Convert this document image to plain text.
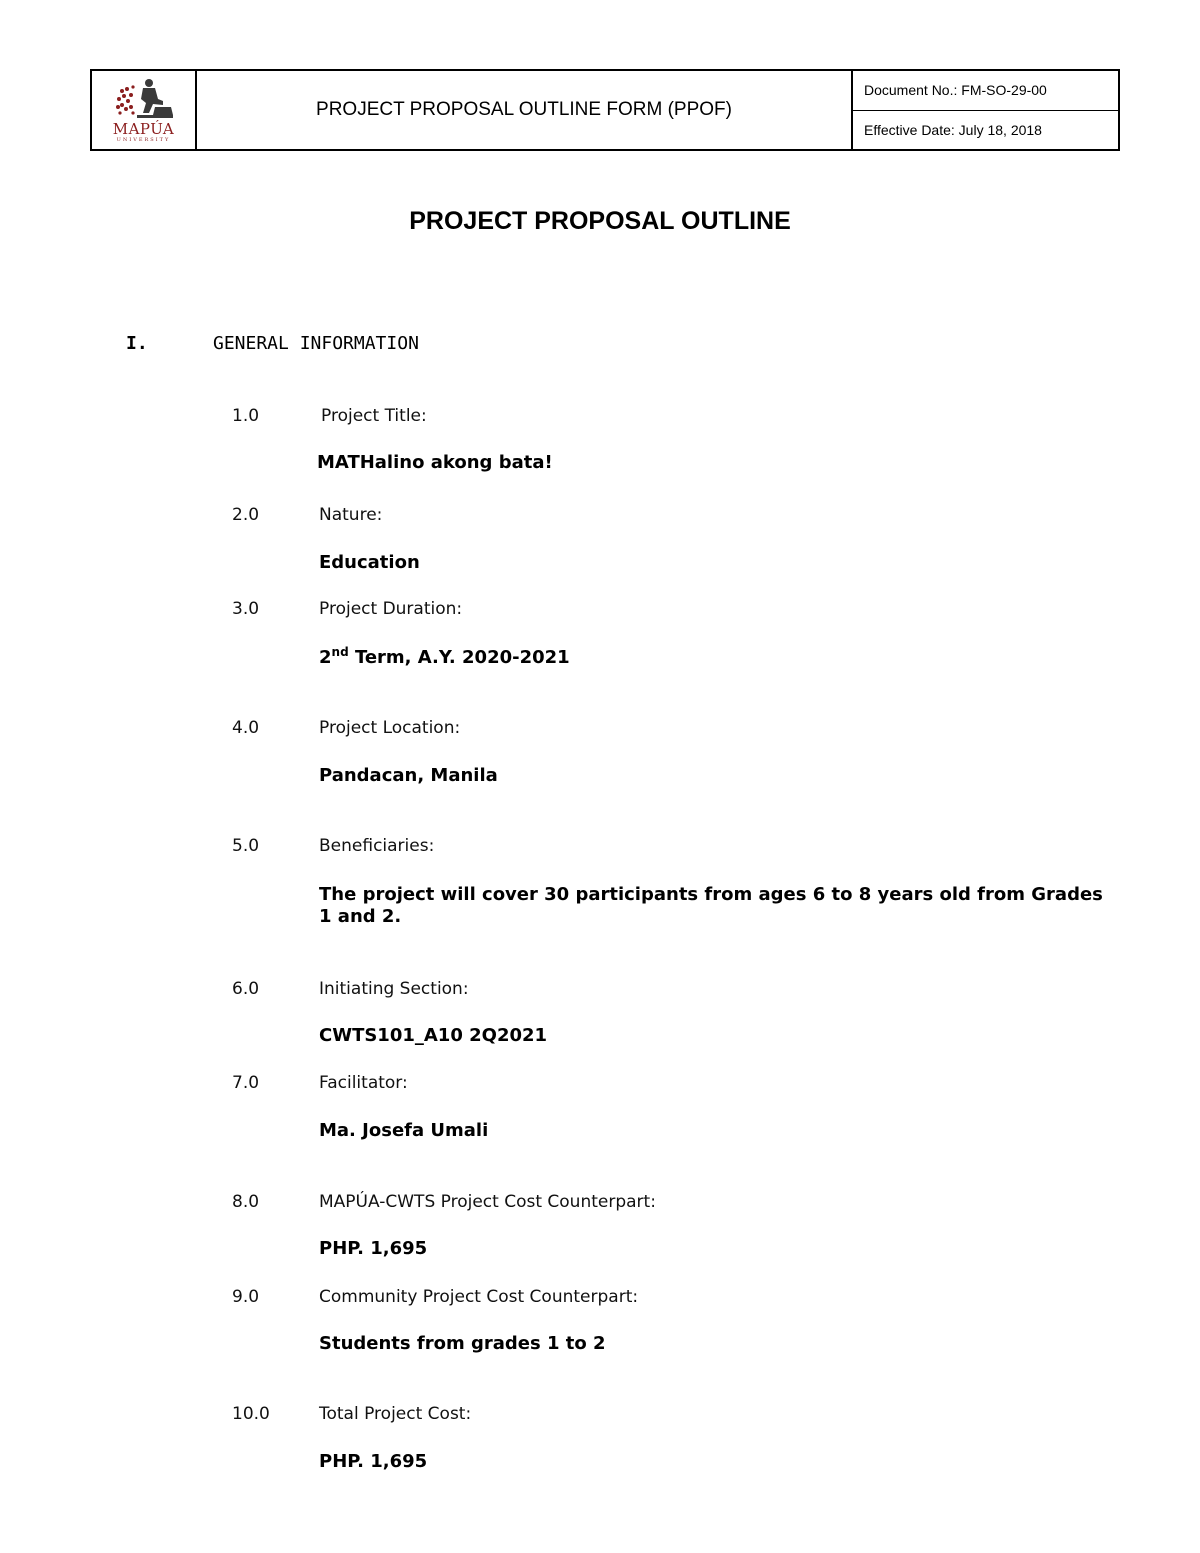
MAPÚA
UNIVERSITY
PROJECT PROPOSAL OUTLINE FORM (PPOF)
Document No.: FM-SO-29-00
Effective Date: July 18, 2018
PROJECT PROPOSAL OUTLINE
I.	GENERAL INFORMATION
1.0	Project Title:
MATHalino akong bata!
2.0	Nature:
Education
3.0	Project Duration:
2nd Term, A.Y. 2020-2021
4.0	Project Location:
Pandacan, Manila
5.0	Beneficiaries:
The project will cover 30 participants from ages 6 to 8 years old from Grades 1 and 2.
6.0	Initiating Section:
CWTS101_A10 2Q2021
7.0	Facilitator:
Ma. Josefa Umali
8.0	MAPÚA-CWTS Project Cost Counterpart:
PHP. 1,695
9.0	Community Project Cost Counterpart:
Students from grades 1 to 2
10.0	Total Project Cost:
PHP. 1,695
